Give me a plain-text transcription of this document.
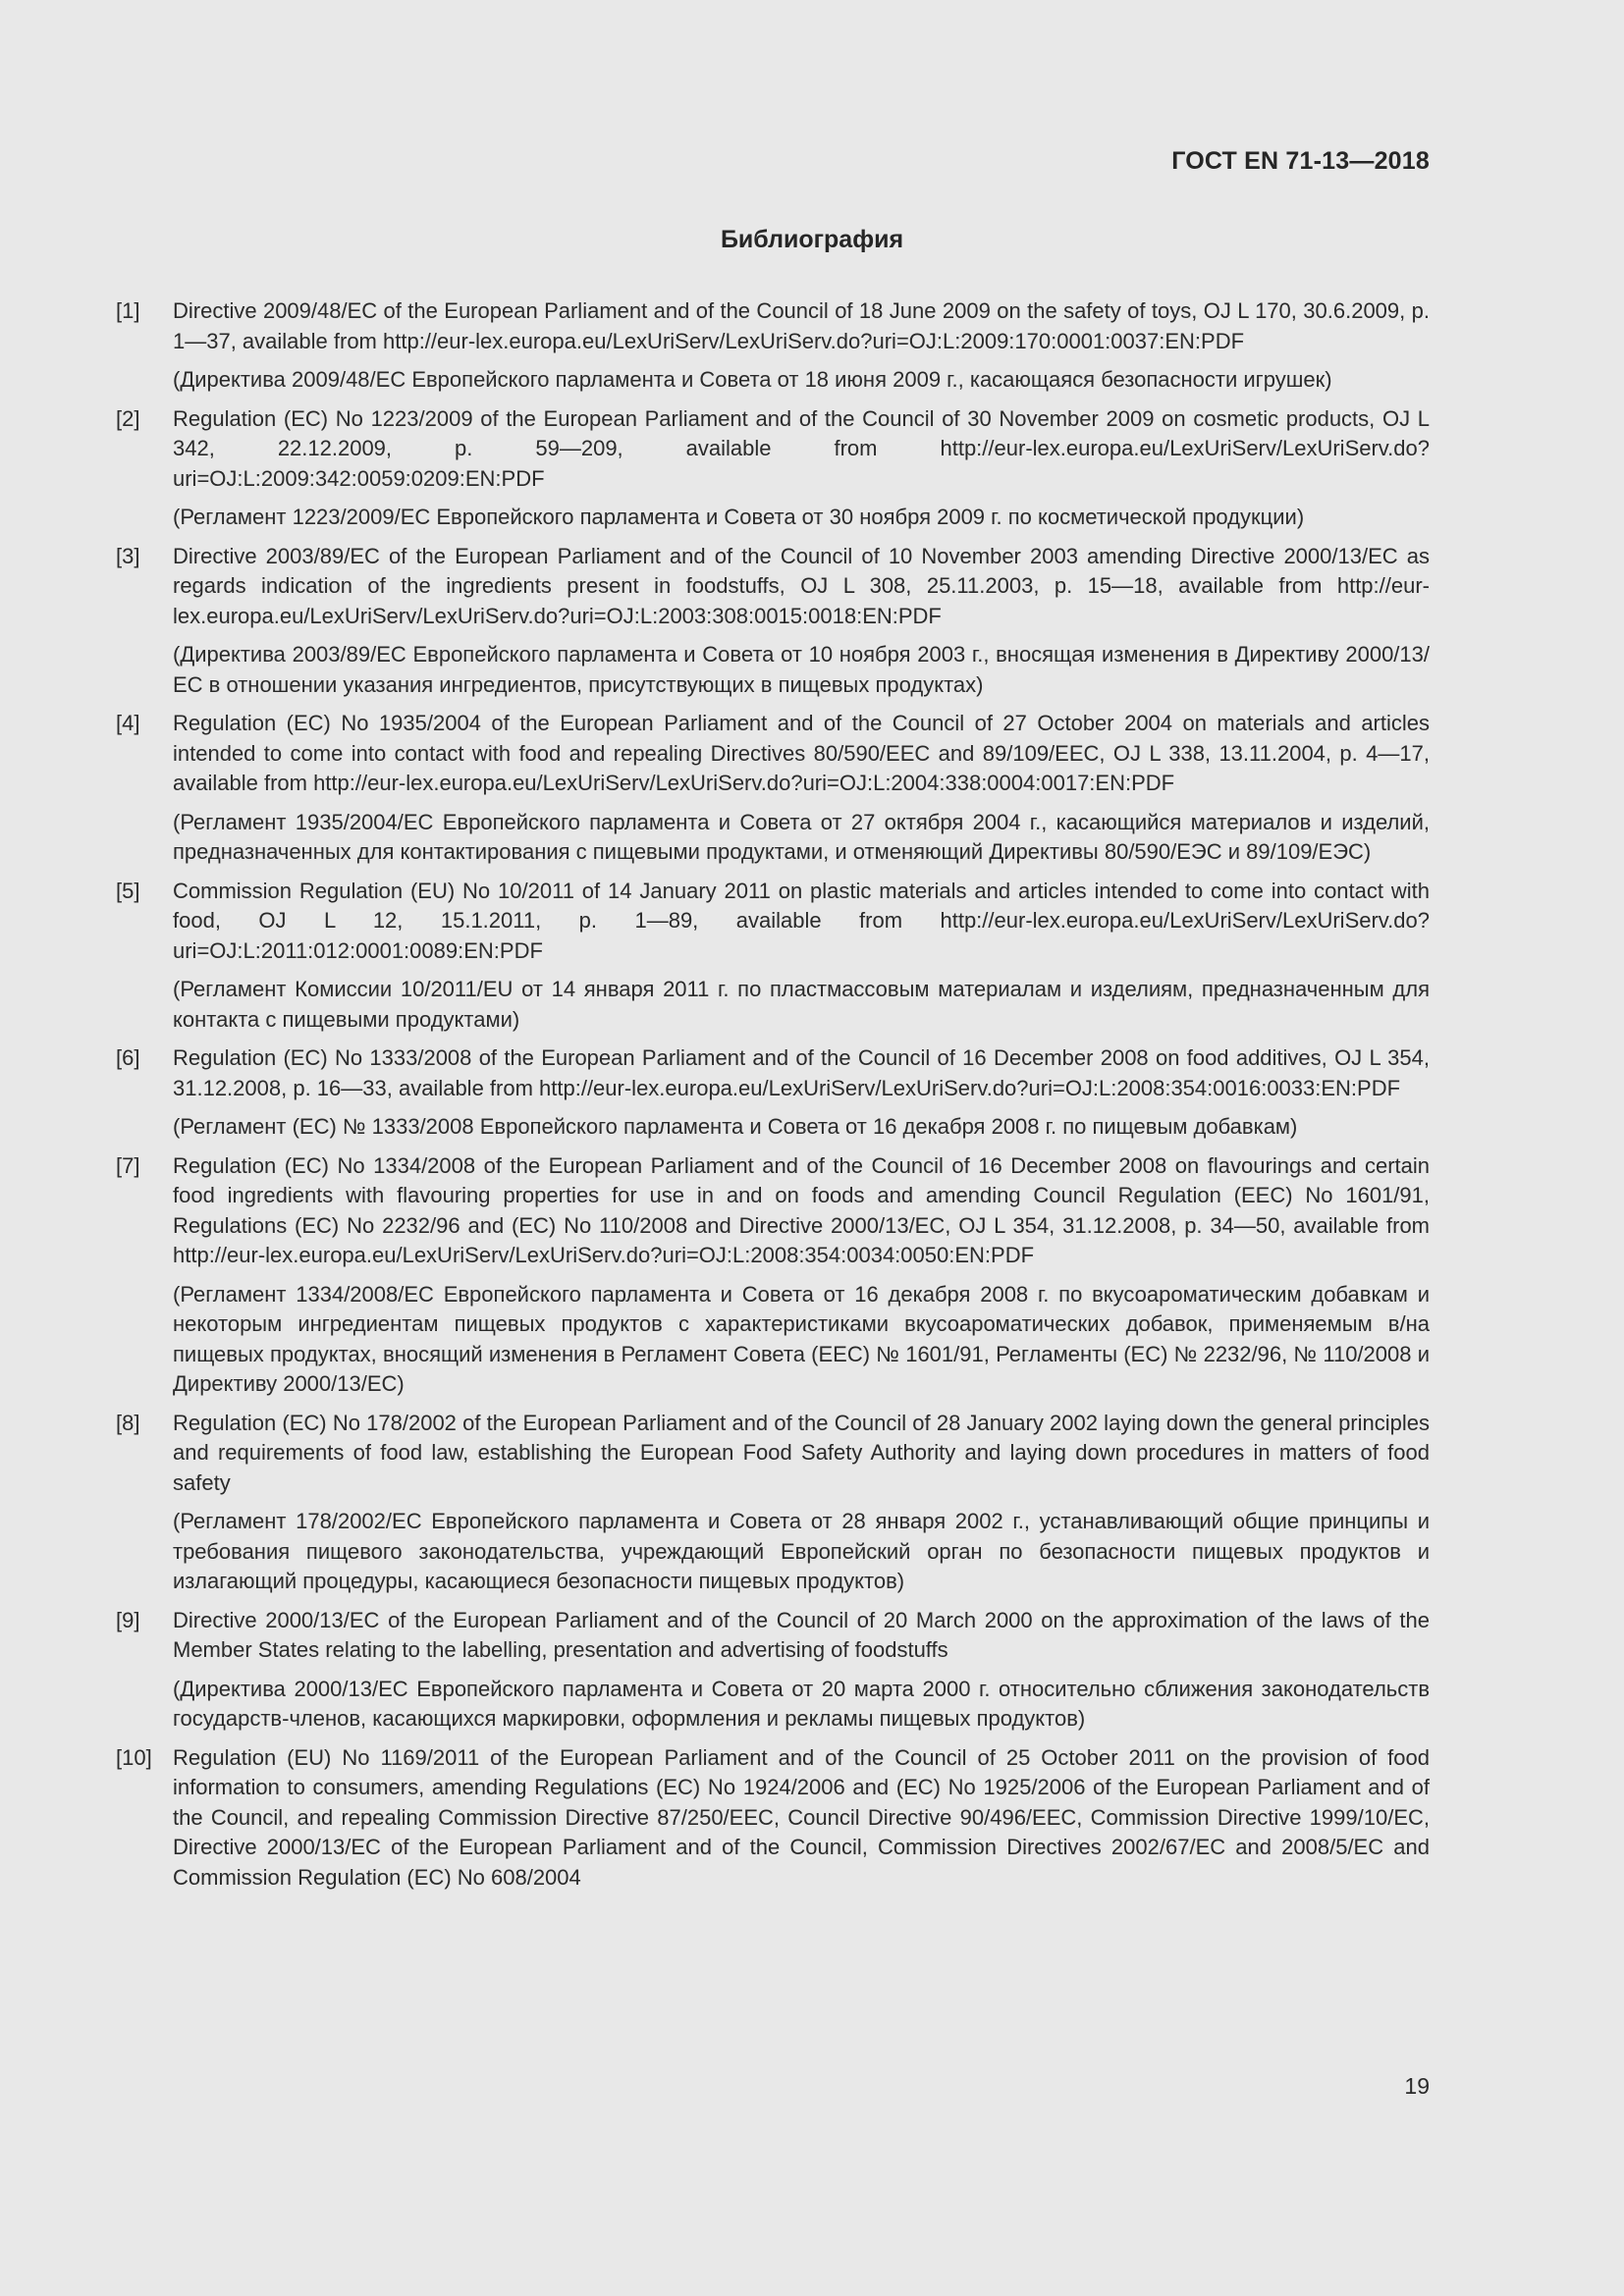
ГОСТ EN 71-13—2018
Библиография
[1]	Directive 2009/48/EC of the European Parliament and of the Council of 18 June 2009 on the safety of toys, OJ L 170, 30.6.2009, p. 1—37, available from http://eur-lex.europa.eu/LexUriServ/LexUriServ.do?uri=OJ:L:2009:170:0001:0037:EN:PDF
(Директива 2009/48/ЕС Европейского парламента и Совета от 18 июня 2009 г., касающаяся безопасности игрушек)
[2]	Regulation (EC) No 1223/2009 of the European Parliament and of the Council of 30 November 2009 on cosmetic products, OJ L 342, 22.12.2009, p. 59—209, available from http://eur-lex.europa.eu/LexUriServ/LexUriServ.do?uri=OJ:L:2009:342:0059:0209:EN:PDF
(Регламент 1223/2009/ЕС Европейского парламента и Совета от 30 ноября 2009 г. по косметической продукции)
[3]	Directive 2003/89/EC of the European Parliament and of the Council of 10 November 2003 amending Directive 2000/13/EC as regards indication of the ingredients present in foodstuffs, OJ L 308, 25.11.2003, p. 15—18, available from http://eur-lex.europa.eu/LexUriServ/LexUriServ.do?uri=OJ:L:2003:308:0015:0018:EN:PDF
(Директива 2003/89/ЕС Европейского парламента и Совета от 10 ноября 2003 г., вносящая изменения в Директиву 2000/13/ЕС в отношении указания ингредиентов, присутствующих в пищевых продуктах)
[4]	Regulation (EC) No 1935/2004 of the European Parliament and of the Council of 27 October 2004 on materials and articles intended to come into contact with food and repealing Directives 80/590/EEC and 89/109/EEC, OJ L 338, 13.11.2004, p. 4—17, available from http://eur-lex.europa.eu/LexUriServ/LexUriServ.do?uri=OJ:L:2004:338:0004:0017:EN:PDF
(Регламент 1935/2004/ЕС Европейского парламента и Совета от 27 октября 2004 г., касающийся материалов и изделий, предназначенных для контактирования с пищевыми продуктами, и отменяющий Директивы 80/590/ЕЭС и 89/109/ЕЭС)
[5]	Commission Regulation (EU) No 10/2011 of 14 January 2011 on plastic materials and articles intended to come into contact with food, OJ L 12, 15.1.2011, p. 1—89, available from http://eur-lex.europa.eu/LexUriServ/LexUriServ.do?uri=OJ:L:2011:012:0001:0089:EN:PDF
(Регламент Комиссии 10/2011/EU от 14 января 2011 г. по пластмассовым материалам и изделиям, предназначенным для контакта с пищевыми продуктами)
[6]	Regulation (EC) No 1333/2008 of the European Parliament and of the Council of 16 December 2008 on food additives, OJ L 354, 31.12.2008, p. 16—33, available from http://eur-lex.europa.eu/LexUriServ/LexUriServ.do?uri=OJ:L:2008:354:0016:0033:EN:PDF
(Регламент (ЕС) № 1333/2008 Европейского парламента и Совета от 16 декабря 2008 г. по пищевым добавкам)
[7]	Regulation (EC) No 1334/2008 of the European Parliament and of the Council of 16 December 2008 on flavourings and certain food ingredients with flavouring properties for use in and on foods and amending Council Regulation (EEC) No 1601/91, Regulations (EC) No 2232/96 and (EC) No 110/2008 and Directive 2000/13/EC, OJ L 354, 31.12.2008, p. 34—50, available from http://eur-lex.europa.eu/LexUriServ/LexUriServ.do?uri=OJ:L:2008:354:0034:0050:EN:PDF
(Регламент 1334/2008/ЕС Европейского парламента и Совета от 16 декабря 2008 г. по вкусоароматическим добавкам и некоторым ингредиентам пищевых продуктов с характеристиками вкусоароматических добавок, применяемым в/на пищевых продуктах, вносящий изменения в Регламент Совета (ЕЕС) № 1601/91, Регламенты (ЕС) № 2232/96, № 110/2008 и Директиву 2000/13/ЕС)
[8]	Regulation (EC) No 178/2002 of the European Parliament and of the Council of 28 January 2002 laying down the general principles and requirements of food law, establishing the European Food Safety Authority and laying down procedures in matters of food safety
(Регламент 178/2002/ЕС Европейского парламента и Совета от 28 января 2002 г., устанавливающий общие принципы и требования пищевого законодательства, учреждающий Европейский орган по безопасности пищевых продуктов и излагающий процедуры, касающиеся безопасности пищевых продуктов)
[9]	Directive 2000/13/EC of the European Parliament and of the Council of 20 March 2000 on the approximation of the laws of the Member States relating to the labelling, presentation and advertising of foodstuffs
(Директива 2000/13/ЕС Европейского парламента и Совета от 20 марта 2000 г. относительно сближения законодательств государств-членов, касающихся маркировки, оформления и рекламы пищевых продуктов)
[10] Regulation (EU) No 1169/2011 of the European Parliament and of the Council of 25 October 2011 on the provision of food information to consumers, amending Regulations (EC) No 1924/2006 and (EC) No 1925/2006 of the European Parliament and of the Council, and repealing Commission Directive 87/250/EEC, Council Directive 90/496/EEC, Commission Directive 1999/10/EC, Directive 2000/13/EC of the European Parliament and of the Council, Commission Directives 2002/67/EC and 2008/5/EC and Commission Regulation (EC) No 608/2004
19
